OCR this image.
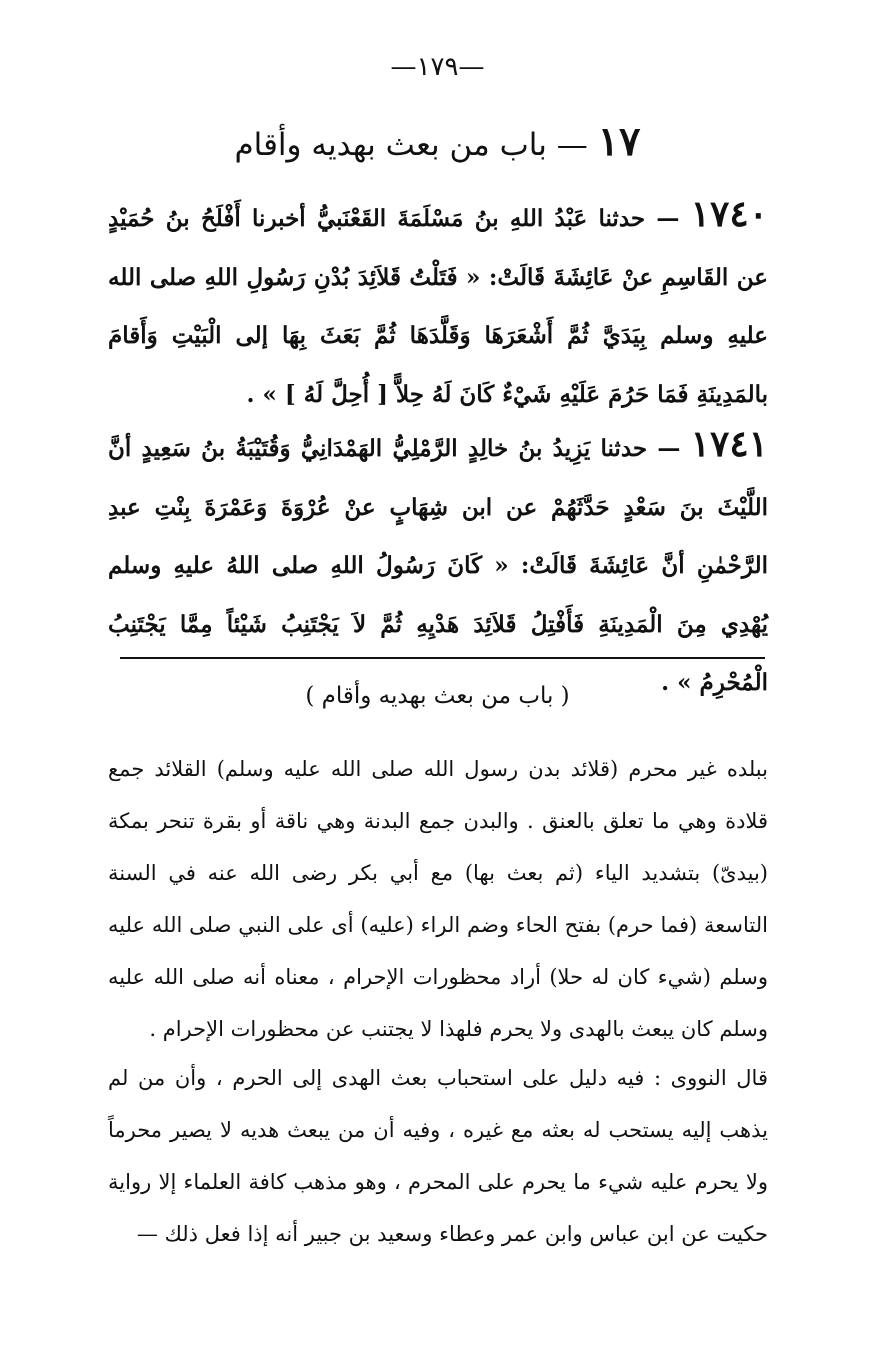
—١٧٩—
١٧ — باب من بعث بهديه وأقام
١٧٤٠ — حدثنا عَبْدُ اللهِ بنُ مَسْلَمَةَ القَعْنَبيُّ أخبرنا أَفْلَحُ بنُ حُمَيْدٍ عن القَاسِمِ عنْ عَائِشَةَ قَالَتْ: « فَتَلْتُ قَلاَئِدَ بُدْنِ رَسُولِ اللهِ صلى الله عليهِ وسلم بِيَدَيَّ ثُمَّ أَشْعَرَهَا وَقَلَّدَهَا ثُمَّ بَعَثَ بِهَا إلى الْبَيْتِ وَأَقامَ بالمَدِينَةِ فَمَا حَرُمَ عَلَيْهِ شَيْءٌ كَانَ لَهُ حِلاًّ [ أُحِلَّ لَهُ ] » .
١٧٤١ — حدثنا يَزِيدُ بنُ خالِدٍ الرَّمْلِيُّ الهَمْدَانِيُّ وَقُتَيْبَةُ بنُ سَعِيدٍ أنَّ اللَّيْثَ بنَ سَعْدٍ حَدَّثَهُمْ عن ابن شِهَابٍ عنْ عُرْوَةَ وَعَمْرَةَ بِنْتِ عبدِ الرَّحْمٰنِ أنَّ عَائِشَةَ قَالَتْ: « كَانَ رَسُولُ اللهِ صلى اللهُ عليهِ وسلم يُهْدِي مِنَ الْمَدِينَةِ فَأَفْتِلُ قَلاَئِدَ هَدْيِهِ ثُمَّ لاَ يَجْتَنِبُ شَيْئاً مِمَّا يَجْتَنِبُ الْمُحْرِمُ » .
( باب من بعث بهديه وأقام )
ببلده غير محرم (قلائد بدن رسول الله صلى الله عليه وسلم) القلائد جمع قلادة وهي ما تعلق بالعنق . والبدن جمع البدنة وهي ناقة أو بقرة تنحر بمكة (بيدىّ) بتشديد الياء (ثم بعث بها) مع أبي بكر رضى الله عنه في السنة التاسعة (فما حرم) بفتح الحاء وضم الراء (عليه) أى على النبي صلى الله عليه وسلم (شيء كان له حلا) أراد محظورات الإحرام ، معناه أنه صلى الله عليه وسلم كان يبعث بالهدى ولا يحرم فلهذا لا يجتنب عن محظورات الإحرام .
قال النووى : فيه دليل على استحباب بعث الهدى إلى الحرم ، وأن من لم يذهب إليه يستحب له بعثه مع غيره ، وفيه أن من يبعث هديه لا يصير محرماً ولا يحرم عليه شيء ما يحرم على المحرم ، وهو مذهب كافة العلماء إلا رواية حكيت عن ابن عباس وابن عمر وعطاء وسعيد بن جبير أنه إذا فعل ذلك —
